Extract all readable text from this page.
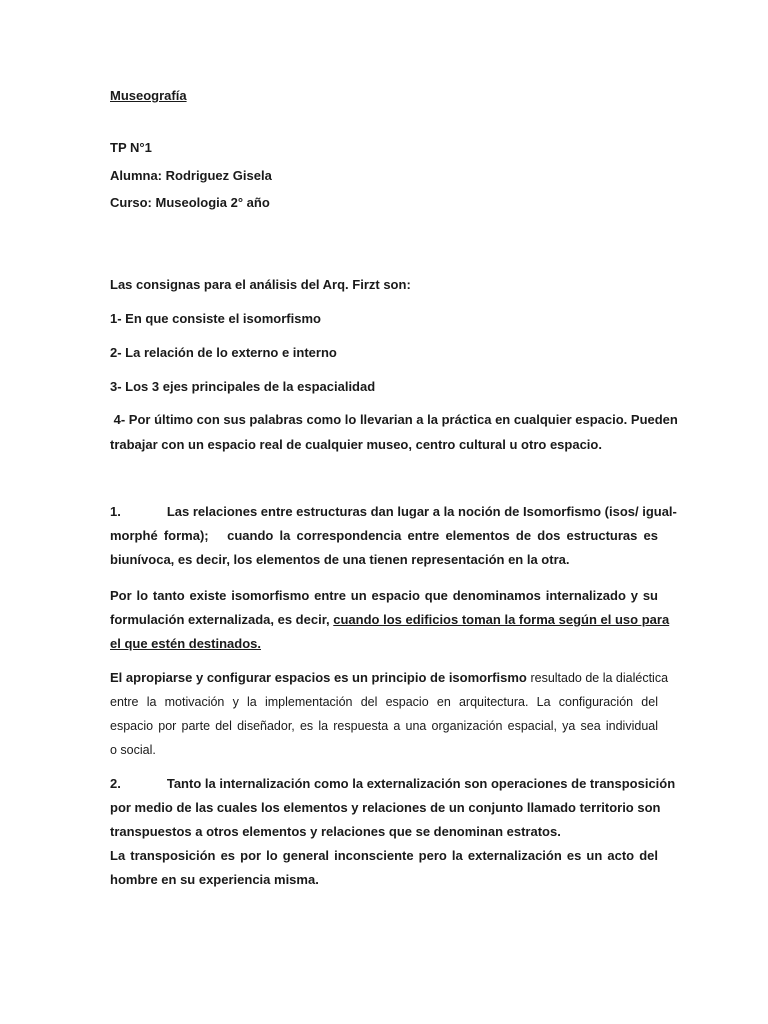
Museografía
TP N°1
Alumna: Rodriguez Gisela
Curso: Museologia 2° año
Las consignas para el análisis del Arq. Firzt son:
1- En que consiste el isomorfismo
2- La relación de lo externo e interno
3- Los 3 ejes principales de la espacialidad
4- Por último con sus palabras como lo llevarian a la práctica en cualquier espacio. Pueden
trabajar con un espacio real de cualquier museo, centro cultural u otro espacio.
1.	Las relaciones entre estructuras dan lugar a la noción de Isomorfismo (isos/ igual-
morphé forma);   cuando la correspondencia entre elementos de dos estructuras es
biunívoca, es decir, los elementos de una tienen representación en la otra.
Por lo tanto existe isomorfismo entre un espacio que denominamos internalizado y su
formulación externalizada, es decir, cuando los edificios toman la forma según el uso para
el que estén destinados.
El apropiarse y configurar espacios es un principio de isomorfismo resultado de la dialéctica
entre la motivación y la implementación del espacio en arquitectura. La configuración del
espacio por parte del diseñador, es la respuesta a una organización espacial, ya sea individual
o social.
2.	Tanto la internalización como la externalización son operaciones de transposición
por medio de las cuales los elementos y relaciones de un conjunto llamado territorio son
transpuestos a otros elementos y relaciones que se denominan estratos.
La transposición es por lo general inconsciente pero la externalización es un acto del
hombre en su experiencia misma.
